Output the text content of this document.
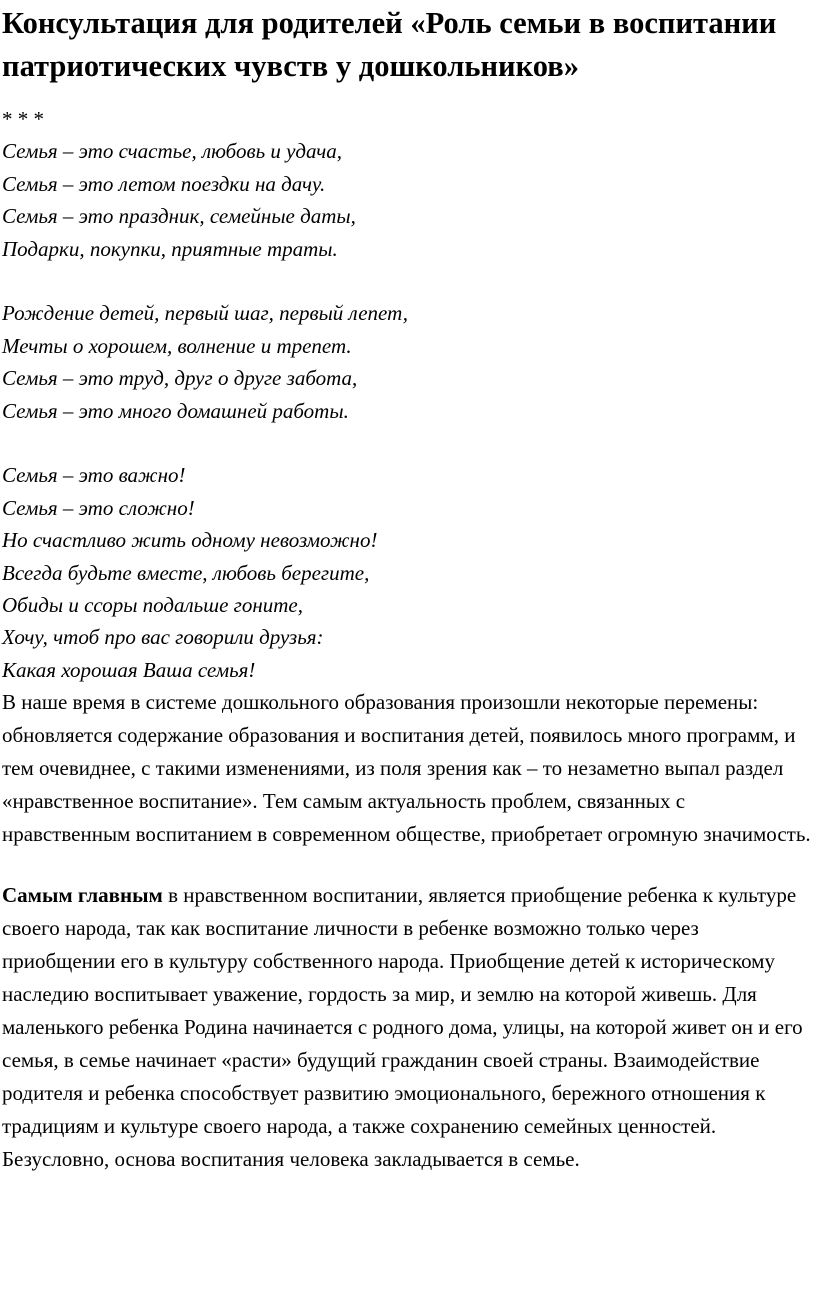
Консультация для родителей «Роль семьи в воспитании патриотических чувств у дошкольников»
* * *
Семья – это счастье, любовь и удача,
Семья – это летом поездки на дачу.
Семья – это праздник, семейные даты,
Подарки, покупки, приятные траты.
Рождение детей, первый шаг, первый лепет,
Мечты о хорошем, волнение и трепет.
Семья – это труд, друг о друге забота,
Семья – это много домашней работы.
Семья – это важно!
Семья – это сложно!
Но счастливо жить одному невозможно!
Всегда будьте вместе, любовь берегите,
Обиды и ссоры подальше гоните,
Хочу, чтоб про вас говорили друзья:
Какая хорошая Ваша семья!

В наше время в системе дошкольного образования произошли некоторые перемены: обновляется содержание образования и воспитания детей, появилось много программ, и тем очевиднее, с такими изменениями, из поля зрения как – то незаметно выпал раздел «нравственное воспитание». Тем самым актуальность проблем, связанных с нравственным воспитанием в современном обществе, приобретает огромную значимость.

Самым главным в нравственном воспитании, является приобщение ребенка к культуре своего народа, так как воспитание личности в ребенке возможно только через приобщении его в культуру собственного народа. Приобщение детей к историческому наследию воспитывает уважение, гордость за мир, и землю на которой живешь. Для маленького ребенка Родина начинается с родного дома, улицы, на которой живет он и его семья, в семье начинает «расти» будущий гражданин своей страны. Взаимодействие родителя и ребенка способствует развитию эмоционального, бережного отношения к традициям и культуре своего народа, а также сохранению семейных ценностей. Безусловно, основа воспитания человека закладывается в семье.
